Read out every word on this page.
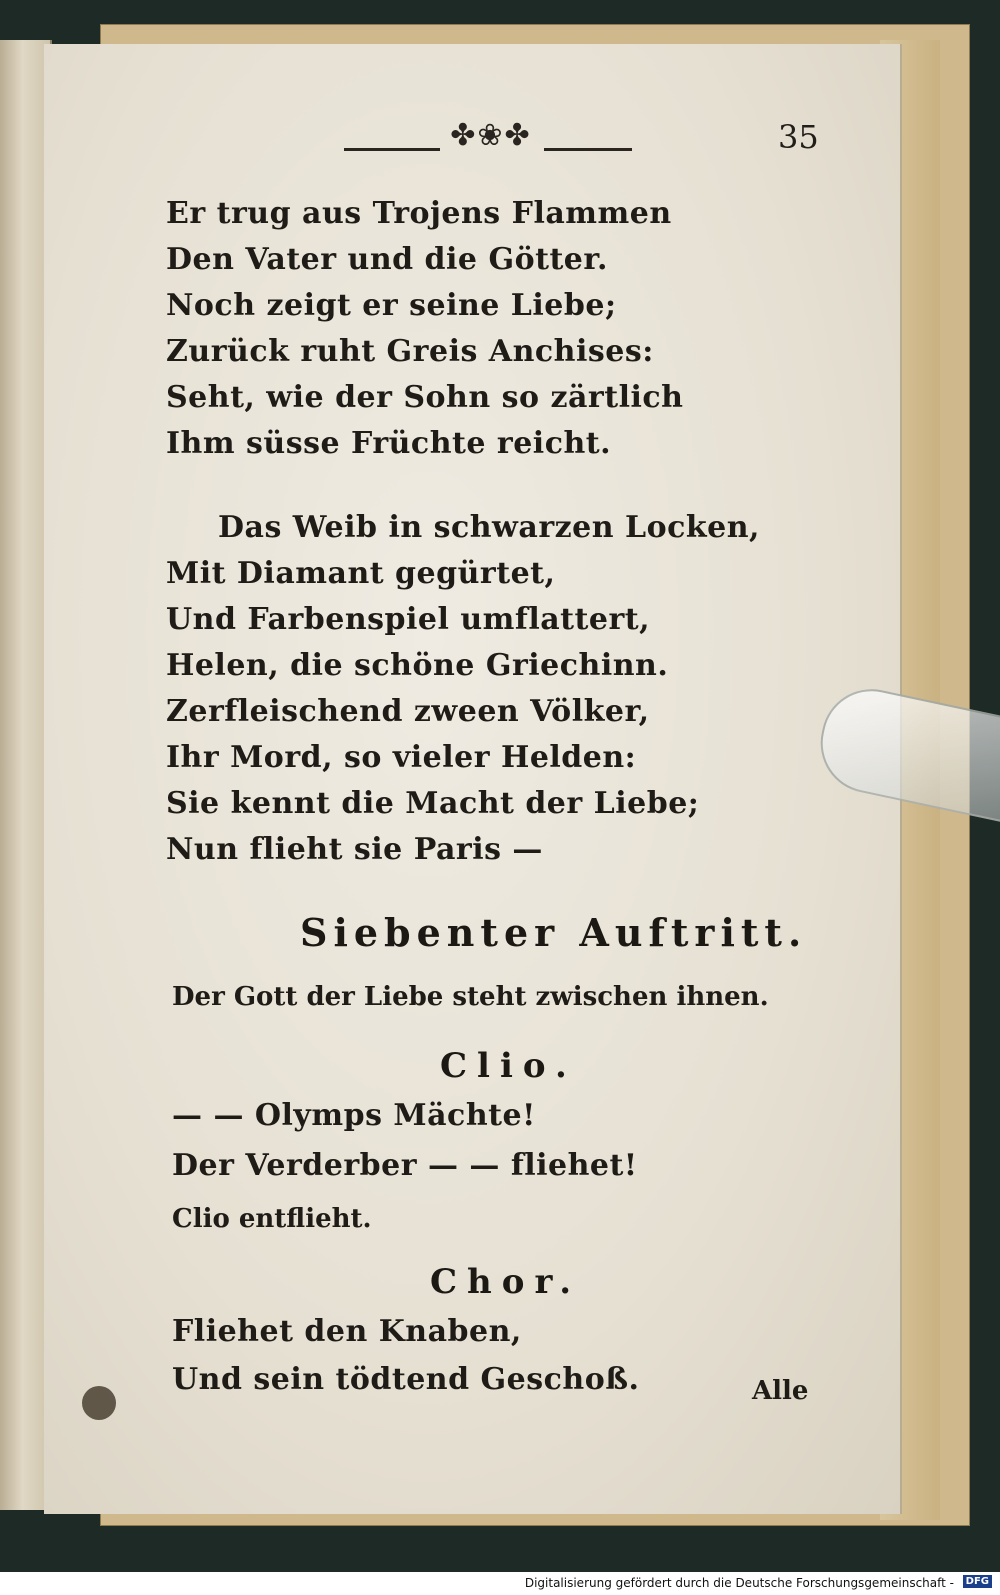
✤❀✤	35
Er trug aus Trojens Flammen
Den Vater und die Götter.
Noch zeigt er seine Liebe;
Zurück ruht Greis Anchises:
Seht, wie der Sohn so zärtlich
Ihm süsse Früchte reicht.
Das Weib in schwarzen Locken,
Mit Diamant gegürtet,
Und Farbenspiel umflattert,
Helen, die schöne Griechinn.
Zerfleischend zween Völker,
Ihr Mord, so vieler Helden:
Sie kennt die Macht der Liebe;
Nun flieht sie Paris —
Siebenter Auftritt.
Der Gott der Liebe steht zwischen ihnen.
Clio.
— — Olymps Mächte!
Der Verderber — — fliehet!
Clio entflieht.
Chor.
Fliehet den Knaben,
Und sein tödtend Geschoß.	Alle
Digitalisierung gefördert durch die Deutsche Forschungsgemeinschaft -	DFG
